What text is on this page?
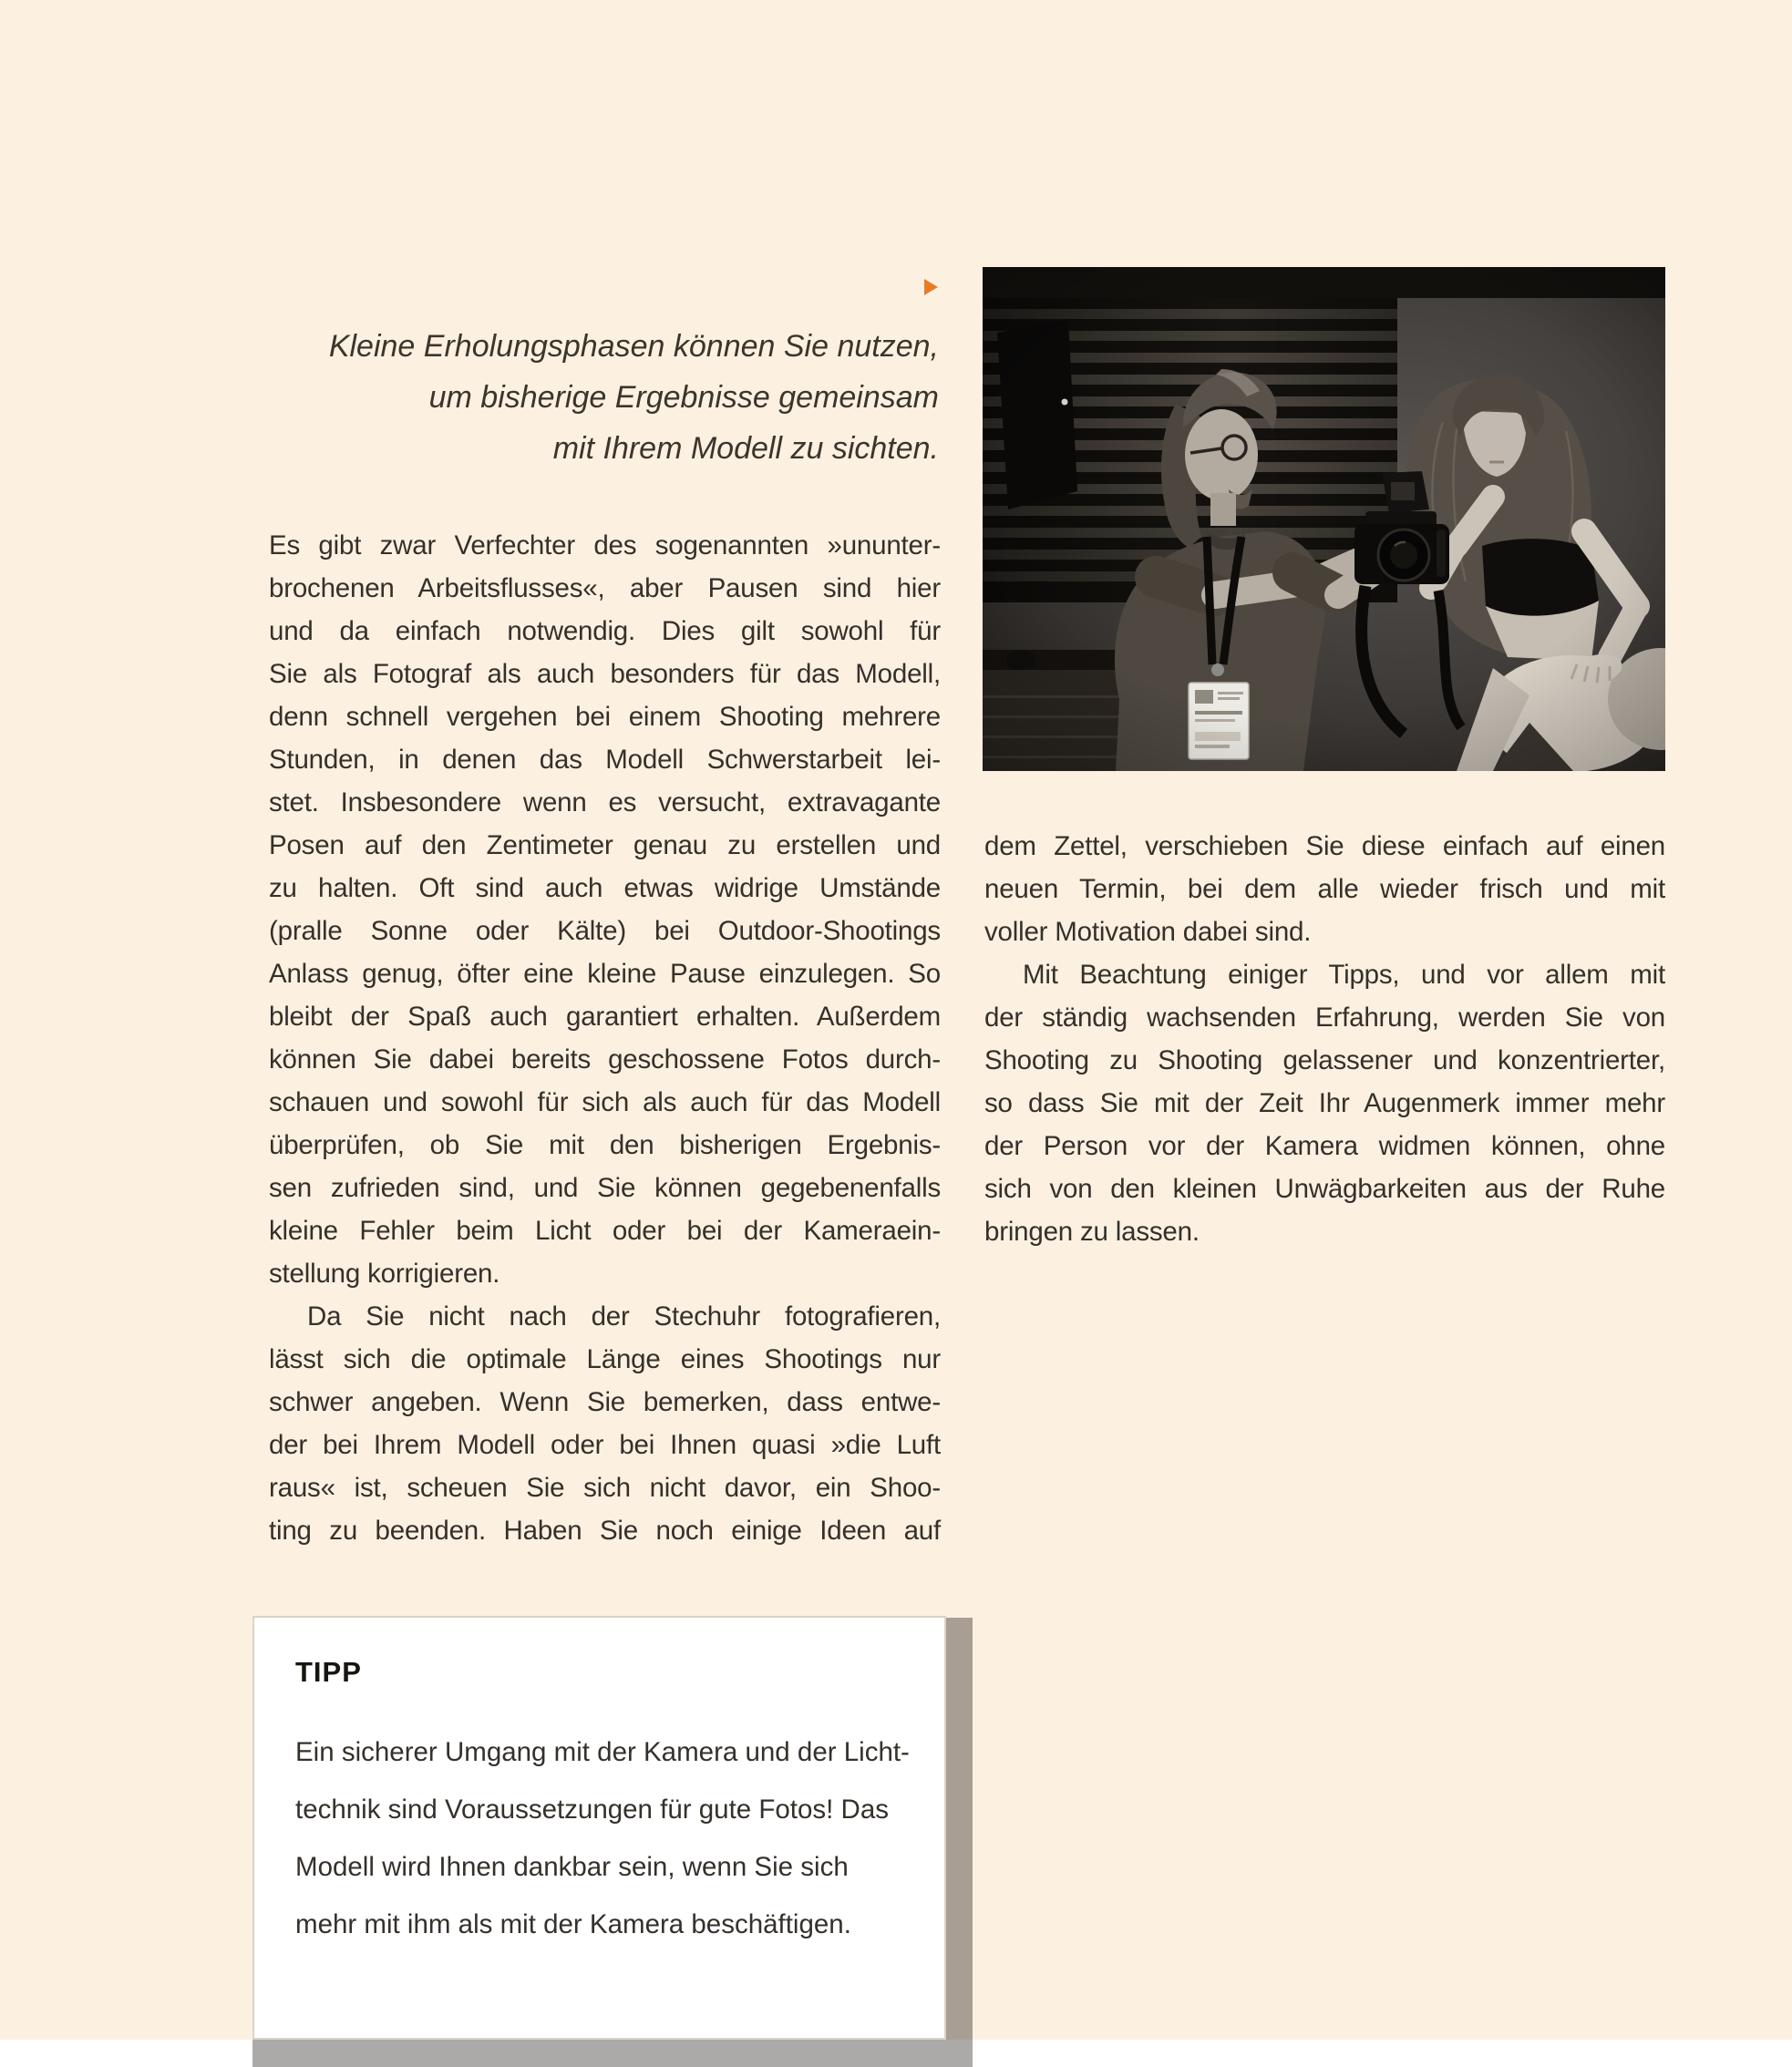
Kleine Erholungsphasen können Sie nutzen,
um bisherige Ergebnisse gemeinsam
mit Ihrem Modell zu sichten.
Es gibt zwar Verfechter des sogenannten »ununter-
brochenen Arbeitsflusses«, aber Pausen sind hier
und da einfach notwendig. Dies gilt sowohl für
Sie als Fotograf als auch besonders für das Modell,
denn schnell vergehen bei einem Shooting mehrere
Stunden, in denen das Modell Schwerstarbeit lei-
stet. Insbesondere wenn es versucht, extravagante
Posen auf den Zentimeter genau zu erstellen und
zu halten. Oft sind auch etwas widrige Umstände
(pralle Sonne oder Kälte) bei Outdoor-Shootings
Anlass genug, öfter eine kleine Pause einzulegen. So
bleibt der Spaß auch garantiert erhalten. Außerdem
können Sie dabei bereits geschossene Fotos durch-
schauen und sowohl für sich als auch für das Modell
überprüfen, ob Sie mit den bisherigen Ergebnis-
sen zufrieden sind, und Sie können gegebenenfalls
kleine Fehler beim Licht oder bei der Kameraein-
stellung korrigieren.
Da Sie nicht nach der Stechuhr fotografieren,
lässt sich die optimale Länge eines Shootings nur
schwer angeben. Wenn Sie bemerken, dass entwe-
der bei Ihrem Modell oder bei Ihnen quasi »die Luft
raus« ist, scheuen Sie sich nicht davor, ein Shoo-
ting zu beenden. Haben Sie noch einige Ideen auf
dem Zettel, verschieben Sie diese einfach auf einen
neuen Termin, bei dem alle wieder frisch und mit
voller Motivation dabei sind.
Mit Beachtung einiger Tipps, und vor allem mit
der ständig wachsenden Erfahrung, werden Sie von
Shooting zu Shooting gelassener und konzentrierter,
so dass Sie mit der Zeit Ihr Augenmerk immer mehr
der Person vor der Kamera widmen können, ohne
sich von den kleinen Unwägbarkeiten aus der Ruhe
bringen zu lassen.
TIPP
Ein sicherer Umgang mit der Kamera und der Licht-
technik sind Voraussetzungen für gute Fotos! Das
Modell wird Ihnen dankbar sein, wenn Sie sich
mehr mit ihm als mit der Kamera beschäftigen.
